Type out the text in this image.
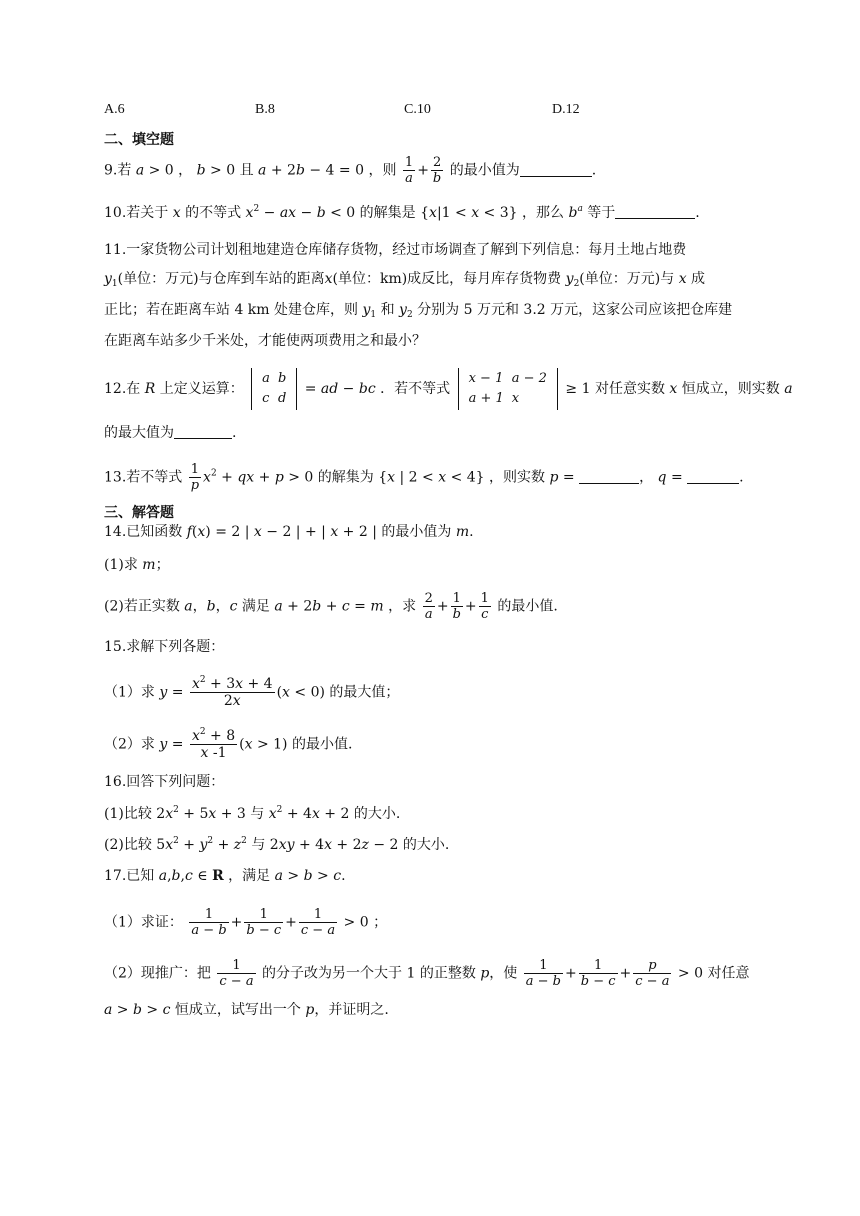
A.6	B.8	C.10	D.12
二、填空题
9.若 a > 0 ， b > 0 且 a + 2b − 4 = 0 ，则 $\frac{1}{a} + \frac{2}{b}$ 的最小值为	.
10.若关于 x 的不等式 $x^2$ − ax − b < 0 的解集是 {x|1 < x < 3} ，那么 $b^a$ 等于	.
11.一家货物公司计划租地建造仓库储存货物，经过市场调查了解到下列信息：每月土地占地费
$y_1$(单位：万元)与仓库到车站的距离x(单位：km)成反比，每月库存货物费 $y_2$(单位：万元)与 x 成
正比；若在距离车站 4 km 处建仓库，则 $y_1$ 和 $y_2$ 分别为 5 万元和 3.2 万元，这家公司应该把仓库建
在距离车站多少千米处，才能使两项费用之和最小？
12.在 R 上定义运算：
a	b
c	d
= ad − bc ．若不等式
x − 1	a − 2
a + 1	x
≥ 1 对任意实数 x 恒成立，则实数 a
的最大值为	.
13.若不等式 $\frac{1}{p} x^2$ + qx + p > 0 的解集为 {x | 2 < x < 4} ，则实数 p =	， q =	.
三、解答题
14.已知函数 f(x) = 2 | x − 2 | + | x + 2 | 的最小值为 m.
(1)求 m；
(2)若正实数 a，b，c 满足 a + 2b + c = m ，求 $\frac{2}{a} + \frac{1}{b} + \frac{1}{c}$ 的最小值.
15.求解下列各题：
（1）求 $y = \frac{x^2 + 3x + 4}{2x} (x < 0)$ 的最大值；
（2）求 $y = \frac{x^2 + 8}{x -1} (x > 1)$ 的最小值.
16.回答下列问题：
(1)比较 $2x^2 + 5x + 3$ 与 $x^2 + 4x + 2$ 的大小.
(2)比较 $5x^2 + y^2 + z^2$ 与 2xy + 4x + 2z − 2 的大小.
17.已知 a,b,c ∈ R ，满足 a > b > c.
（1）求证： $\frac{1}{a - b} + \frac{1}{b - c} + \frac{1}{c - a} > 0$ ；
（2）现推广：把 $\frac{1}{c - a}$ 的分子改为另一个大于 1 的正整数 p，使 $\frac{1}{a - b} + \frac{1}{b - c} + \frac{p}{c - a} > 0$ 对任意
a > b > c 恒成立，试写出一个 p，并证明之.
